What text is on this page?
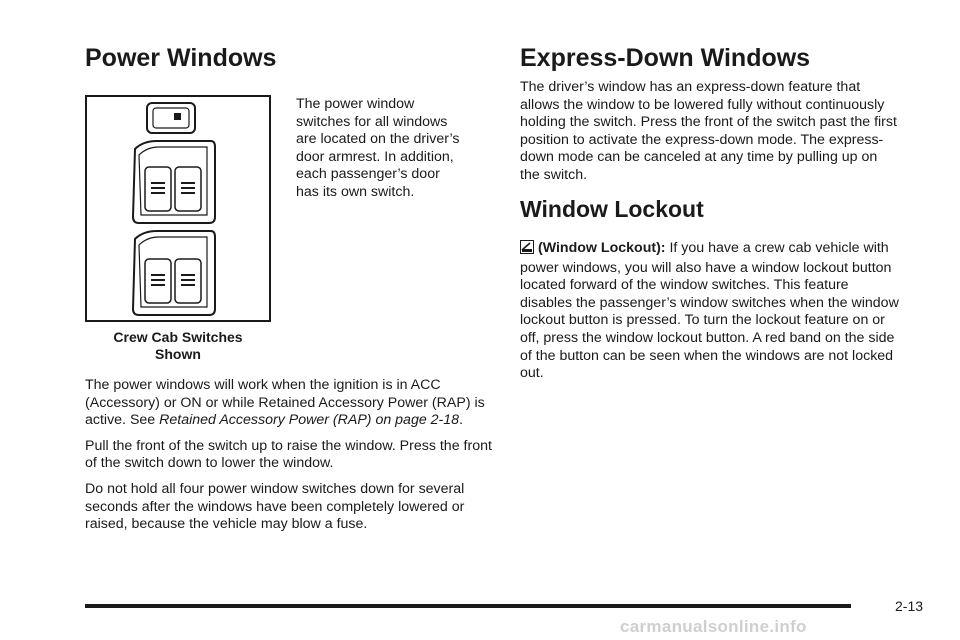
Power Windows
Crew Cab Switches
Shown
The power window
switches for all windows
are located on the driver’s
door armrest. In addition,
each passenger’s door
has its own switch.

The power windows will work when the ignition is in ACC (Accessory) or ON or while Retained Accessory Power (RAP) is active. See Retained Accessory Power (RAP) on page 2-18.

Pull the front of the switch up to raise the window. Press the front of the switch down to lower the window.

Do not hold all four power window switches down for several seconds after the windows have been completely lowered or raised, because the vehicle may blow a fuse.

Express-Down Windows
The driver’s window has an express-down feature that allows the window to be lowered fully without continuously holding the switch. Press the front of the switch past the first position to activate the express-down mode. The express-down mode can be canceled at any time by pulling up on the switch.
Window Lockout
(Window Lockout): If you have a crew cab vehicle with power windows, you will also have a window lockout button located forward of the window switches. This feature disables the passenger’s window switches when the window lockout button is pressed. To turn the lockout feature on or off, press the window lockout button. A red band on the side of the button can be seen when the windows are not locked out.
2-13
carmanualsonline.info
